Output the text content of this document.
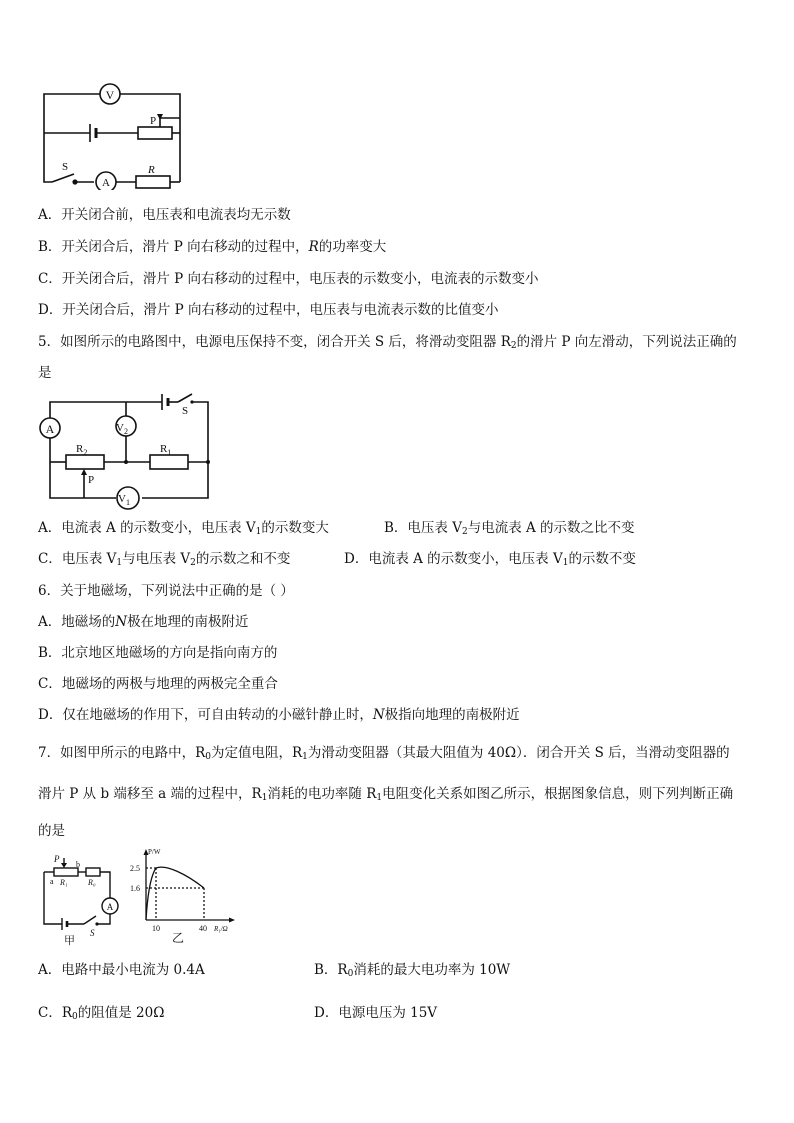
V
P
S
A
R
A．开关闭合前，电压表和电流表均无示数
B．开关闭合后，滑片 P 向右移动的过程中，R的功率变大
C．开关闭合后，滑片 P 向右移动的过程中，电压表的示数变小，电流表的示数变小
D．开关闭合后，滑片 P 向右移动的过程中，电压表与电流表示数的比值变小
5．如图所示的电路图中，电源电压保持不变，闭合开关 S 后，将滑动变阻器 $R_2$的滑片 P 向左滑动，下列说法正确的
是
A	$V_2$
S
$R_2$	$R_1$
P
$V_1$
A．电流表 A 的示数变小，电压表 $V_1$的示数变大	B．电压表 $V_2$与电流表 A 的示数之比不变
C．电压表 $V_1$与电压表 $V_2$的示数之和不变	D．电流表 A 的示数变小，电压表 $V_1$的示数不变
6．关于地磁场，下列说法中正确的是（ ）
A．地磁场的N极在地理的南极附近
B．北京地区地磁场的方向是指向南方的
C．地磁场的两极与地理的两极完全重合
D．仅在地磁场的作用下，可自由转动的小磁针静止时，N极指向地理的南极附近
7．如图甲所示的电路中，$R_0$为定值电阻，$R_1$为滑动变阻器（其最大阻值为 40Ω）．闭合开关 S 后，当滑动变阻器的
滑片 P 从 b 端移至 a 端的过程中，$R_1$消耗的电功率随 $R_1$电阻变化关系如图乙所示，根据图象信息，则下列判断正确
的是
P
a
b
R₁	R₀
A
S
甲
P/W
2.5
1.6
10	40 R₁/Ω
乙
A．电路中最小电流为 0.4A	B．$R_0$消耗的最大电功率为 10W
C．$R_0$的阻值是 20Ω	D．电源电压为 15V
